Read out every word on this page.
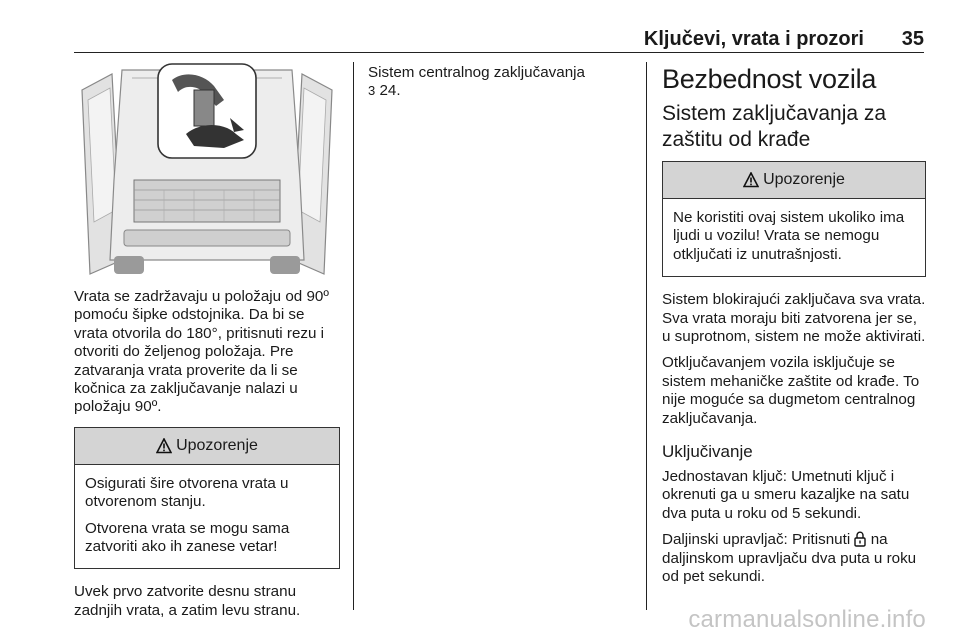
Ključevi, vrata i prozori 35

Vrata se zadržavaju u položaju od 90º pomoću šipke odstojnika. Da bi se vrata otvorila do 180°, pritisnuti rezu i otvoriti do željenog položaja. Pre zatvaranja vrata proverite da li se kočnica za zaključavanje nalazi u položaju 90º.

Upozorenje

Osigurati šire otvorena vrata u otvorenom stanju.

Otvorena vrata se mogu sama zatvoriti ako ih zanese vetar!

Uvek prvo zatvorite desnu stranu zadnjih vrata, a zatim levu stranu.

Sistem centralnog zaključavanja
3 24.	Bezbednost vozila
Sistem zaključavanja za zaštitu od krađe
Upozorenje

Ne koristiti ovaj sistem ukoliko ima ljudi u vozilu! Vrata se nemogu otključati iz unutrašnjosti.

Sistem blokirajući zaključava sva vrata. Sva vrata moraju biti zatvorena jer se, u suprotnom, sistem ne može aktivirati.

Otključavanjem vozila isključuje se sistem mehaničke zaštite od krađe. To nije moguće sa dugmetom centralnog zaključavanja.

Uključivanje

Jednostavan ključ: Umetnuti ključ i okrenuti ga u smeru kazaljke na satu dva puta u roku od 5 sekundi.

Daljinski upravljač: Pritisnuti na daljinskom upravljaču dva puta u roku od pet sekundi.

carmanualsonline.info
